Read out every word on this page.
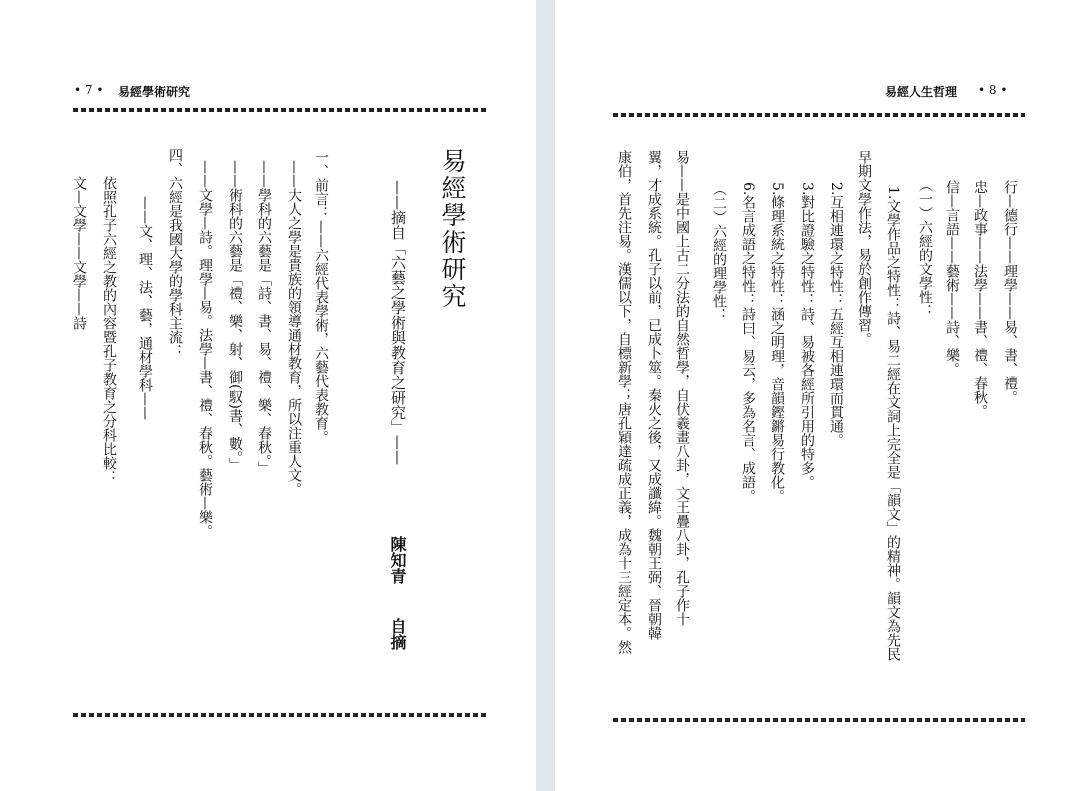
• 7 • 易經學術研究
易經學術研究
——摘自「六藝之學術與教育之研究」——
陳知青
自摘
一、前言：——六經代表學術，六藝代表教育。
——大人之學是貴族的領導通材教育，所以注重人文。
——學科的六藝是「詩、書、易、禮、樂、春秋。」
——術科的六藝是「禮、樂、射、御(馭)書、數。」
——文學—詩。理學—易。法學—書、禮、春秋。藝術—樂。
四、六經是我國大學的學科主流：
——文、理、法、藝，通材學科——
依照孔子六經之教的內容暨孔子教育之分科比較：
文—文學——文學——詩
易經人生哲理 • 8 •
行—德行——理學——易、書、禮。
忠—政事——法學——書、禮、春秋。
信—言語——藝術——詩、樂。
（一）六經的文學性：
1.文學作品之特性：詩、易二經在文詞上完全是「韻文」的精神。韻文為先民
早期文學作法，易於創作傳習。
2.互相連環之特性：五經互相連環而貫通。
3.對比證驗之特性：詩、易被各經所引用的特多。
5.條理系統之特性：涵之明理，音韻鏗鏘易行教化。
6.名言成語之特性：詩曰、易云，多為名言、成語。
（二）六經的理學性：
易——是中國上古二分法的自然哲學，自伏羲畫八卦，文王疊八卦，孔子作十
翼，才成系統。孔子以前，已成卜筮。秦火之後，又成讖緯。魏朝王弼、晉朝韓
康伯，首先注易。漢儒以下，自標新學；唐孔穎達疏成正義，成為十三經定本。然
